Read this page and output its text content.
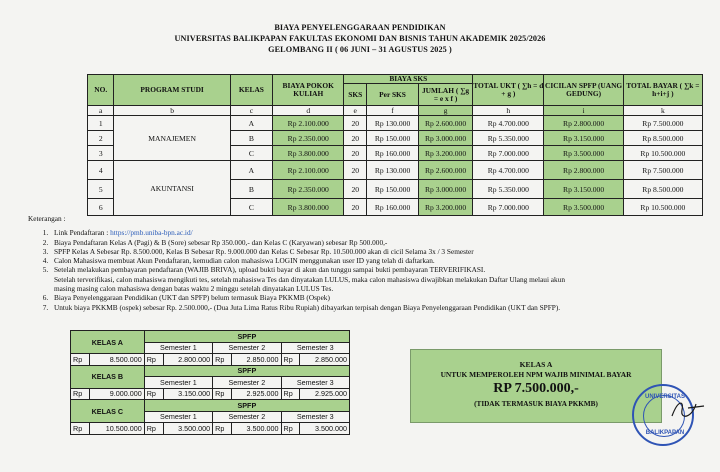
BIAYA PENYELENGGARAAN PENDIDIKAN
UNIVERSITAS BALIKPAPAN FAKULTAS EKONOMI DAN BISNIS TAHUN AKADEMIK 2025/2026
GELOMBANG II ( 06 JUNI – 31 AGUSTUS 2025 )
NO.	PROGRAM STUDI	KELAS	BIAYA POKOK KULIAH	BIAYA SKS			TOTAL UKT ( ∑h = d + g )	CICILAN SPFP (UANG GEDUNG)	TOTAL BAYAR ( ∑k = h+i+j )
				SKS	Per SKS	JUMLAH ( ∑g = e x f )			
a	b	c	d	e	f	g	h	i	k
1	MANAJEMEN	A	Rp 2.100.000	20	Rp 130.000	Rp 2.600.000	Rp 4.700.000	Rp 2.800.000	Rp 7.500.000
2		B	Rp 2.350.000	20	Rp 150.000	Rp 3.000.000	Rp 5.350.000	Rp 3.150.000	Rp 8.500.000
3		C	Rp 3.800.000	20	Rp 160.000	Rp 3.200.000	Rp 7.000.000	Rp 3.500.000	Rp 10.500.000
4	AKUNTANSI	A	Rp 2.100.000	20	Rp 130.000	Rp 2.600.000	Rp 4.700.000	Rp 2.800.000	Rp 7.500.000
5		B	Rp 2.350.000	20	Rp 150.000	Rp 3.000.000	Rp 5.350.000	Rp 3.150.000	Rp 8.500.000
6		C	Rp 3.800.000	20	Rp 160.000	Rp 3.200.000	Rp 7.000.000	Rp 3.500.000	Rp 10.500.000
Keterangan :
1. Link Pendaftaran : https://pmb.uniba-bpn.ac.id/
2. Biaya Pendaftaran Kelas A (Pagi) & B (Sore) sebesar Rp 350.000,- dan Kelas C (Karyawan) sebesar Rp 500.000,-
3. SPFP Kelas A Sebesar Rp. 8.500.000, Kelas B Sebesar Rp. 9.000.000 dan Kelas C Sebesar Rp. 10.500.000 akan di cicil Selama 3x / 3 Semester
4. Calon Mahasiswa membuat Akun Pendaftaran, kemudian calon mahasiswa LOGIN menggunakan user ID yang telah di daftarkan.
5. Setelah melakukan pembayaran pendaftaran (WAJIB BRIVA), upload bukti bayar di akun dan tunggu sampai bukti pembayaran TERVERIFIKASI.
Setelah terverifikasi, calon mahasiswa mengikuti tes, setelah mahasiswa Tes dan dinyatakan LULUS, maka calon mahasiswa diwajibkan melakukan Daftar Ulang melaui akun
masing masing calon mahasiswa dengan batas waktu 2 minggu setelah dinyatakan LULUS Tes.
6. Biaya Penyelenggaraan Pendidikan (UKT dan SPFP) belum termasuk Biaya PKKMB (Ospek)
7. Untuk biaya PKKMB (ospek) sebesar Rp. 2.500.000,- (Dua Juta Lima Ratus Ribu Rupiah) dibayarkan terpisah dengan Biaya Penyelenggaraan Pendidikan (UKT dan SPFP).
KELAS A		SPFP					
		Semester 1		Semester 2		Semester 3	
Rp	8.500.000	Rp	2.800.000	Rp	2.850.000	Rp	2.850.000
KELAS B		SPFP					
		Semester 1		Semester 2		Semester 3	
Rp	9.000.000	Rp	3.150.000	Rp	2.925.000	Rp	2.925.000
KELAS C		SPFP					
		Semester 1		Semester 2		Semester 3	
Rp	10.500.000	Rp	3.500.000	Rp	3.500.000	Rp	3.500.000
KELAS A
UNTUK MEMPEROLEH NPM WAJIB MINIMAL BAYAR
RP 7.500.000,-
(TIDAK TERMASUK BIAYA PKKMB)
UNIVERSITAS
BALIKPAPAN
